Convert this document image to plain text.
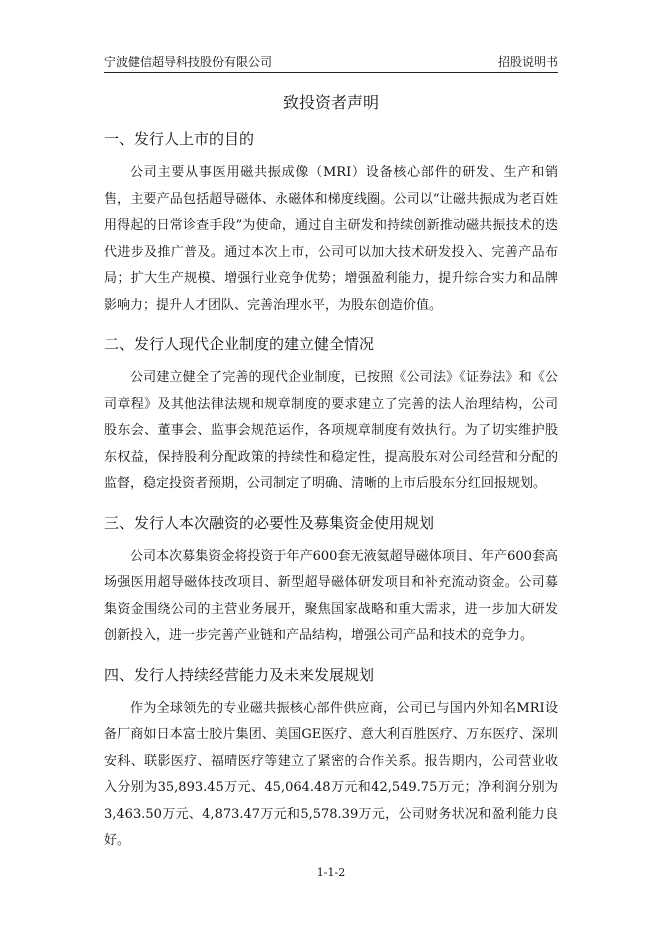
宁波健信超导科技股份有限公司	招股说明书
致投资者声明
一、发行人上市的目的

公司主要从事医用磁共振成像（MRI）设备核心部件的研发、生产和销售，主要产品包括超导磁体、永磁体和梯度线圈。公司以“让磁共振成为老百姓用得起的日常诊查手段”为使命，通过自主研发和持续创新推动磁共振技术的迭代进步及推广普及。通过本次上市，公司可以加大技术研发投入、完善产品布局；扩大生产规模、增强行业竞争优势；增强盈利能力，提升综合实力和品牌影响力；提升人才团队、完善治理水平，为股东创造价值。

二、发行人现代企业制度的建立健全情况

公司建立健全了完善的现代企业制度，已按照《公司法》《证券法》和《公司章程》及其他法律法规和规章制度的要求建立了完善的法人治理结构，公司股东会、董事会、监事会规范运作，各项规章制度有效执行。为了切实维护股东权益，保持股利分配政策的持续性和稳定性，提高股东对公司经营和分配的监督，稳定投资者预期，公司制定了明确、清晰的上市后股东分红回报规划。

三、发行人本次融资的必要性及募集资金使用规划

公司本次募集资金将投资于年产600套无液氦超导磁体项目、年产600套高场强医用超导磁体技改项目、新型超导磁体研发项目和补充流动资金。公司募集资金围绕公司的主营业务展开，聚焦国家战略和重大需求，进一步加大研发创新投入，进一步完善产业链和产品结构，增强公司产品和技术的竞争力。

四、发行人持续经营能力及未来发展规划

作为全球领先的专业磁共振核心部件供应商，公司已与国内外知名MRI设备厂商如日本富士胶片集团、美国GE医疗、意大利百胜医疗、万东医疗、深圳安科、联影医疗、福晴医疗等建立了紧密的合作关系。报告期内，公司营业收入分别为35,893.45万元、45,064.48万元和42,549.75万元；净利润分别为3,463.50万元、4,873.47万元和5,578.39万元，公司财务状况和盈利能力良好。

1-1-2
